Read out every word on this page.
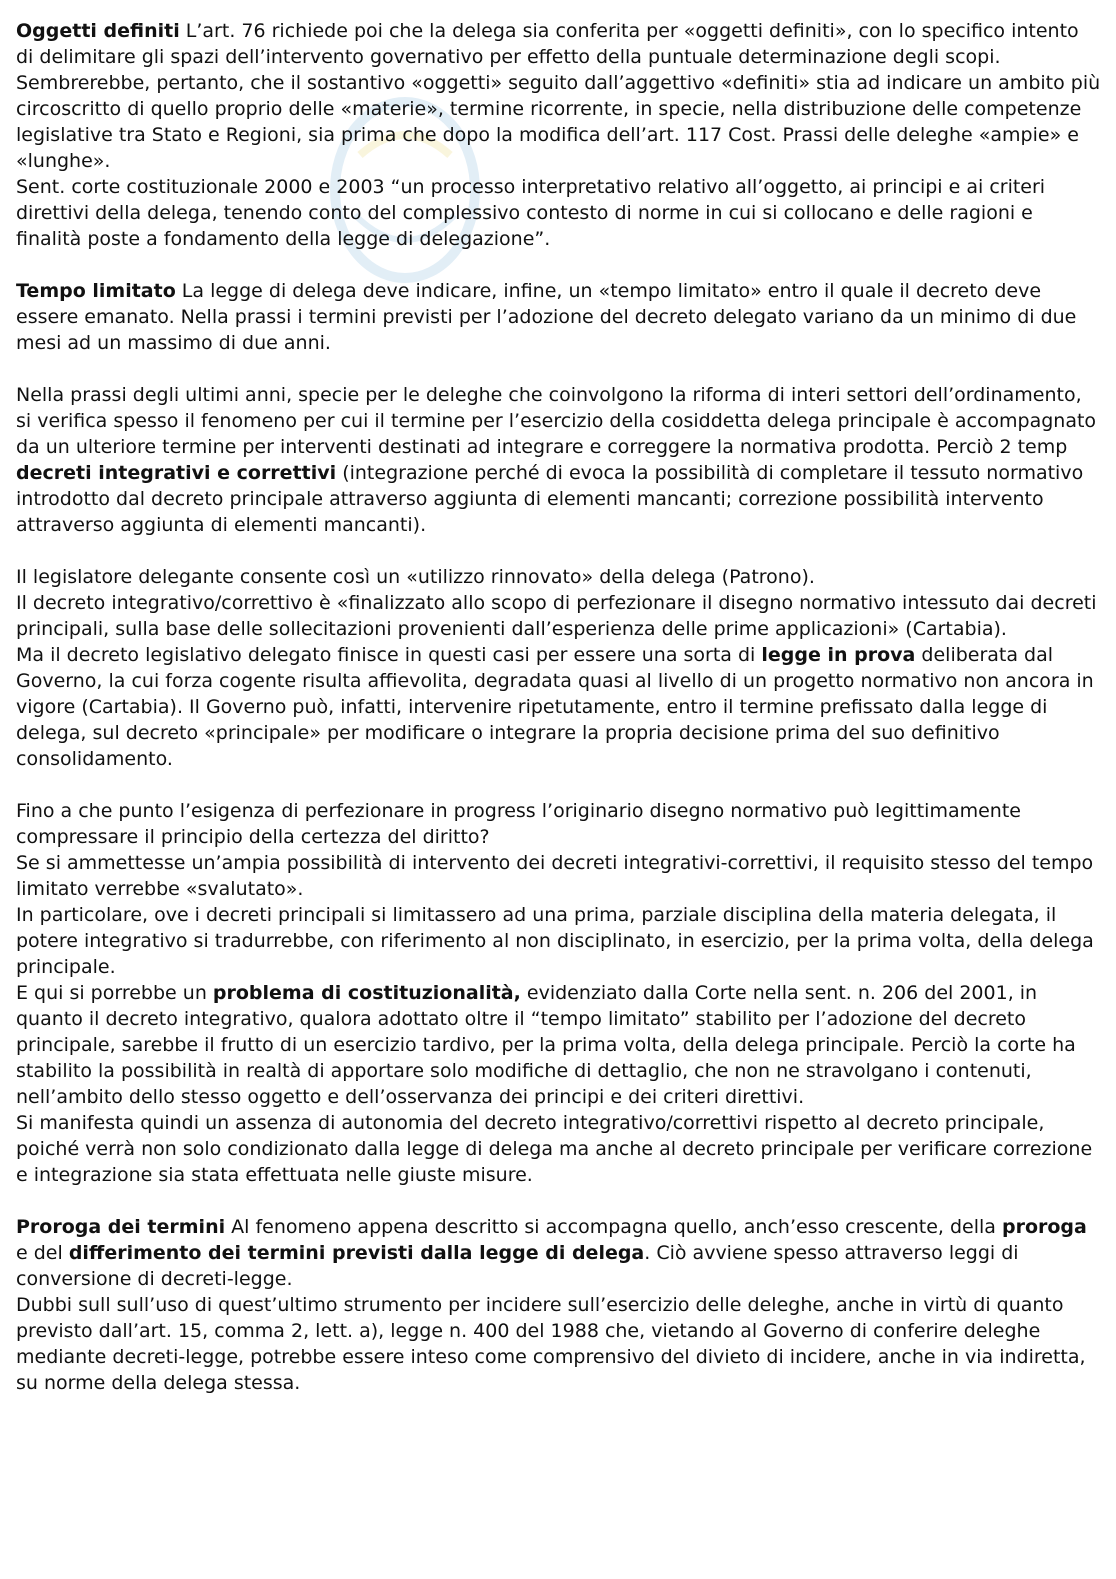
Oggetti definiti L’art. 76 richiede poi che la delega sia conferita per «oggetti definiti», con lo specifico intento di delimitare gli spazi dell’intervento governativo per effetto della puntuale determinazione degli scopi. Sembrerebbe, pertanto, che il sostantivo «oggetti» seguito dall’aggettivo «definiti» stia ad indicare un ambito più circoscritto di quello proprio delle «materie», termine ricorrente, in specie, nella distribuzione delle competenze legislative tra Stato e Regioni, sia prima che dopo la modifica dell’art. 117 Cost. Prassi delle deleghe «ampie» e «lunghe».

Sent. corte costituzionale 2000 e 2003 “un processo interpretativo relativo all’oggetto, ai principi e ai criteri direttivi della delega, tenendo conto del complessivo contesto di norme in cui si collocano e delle ragioni e finalità poste a fondamento della legge di delegazione”.

Tempo limitato La legge di delega deve indicare, infine, un «tempo limitato» entro il quale il decreto deve essere emanato. Nella prassi i termini previsti per l’adozione del decreto delegato variano da un minimo di due mesi ad un massimo di due anni.

Nella prassi degli ultimi anni, specie per le deleghe che coinvolgono la riforma di interi settori dell’ordinamento, si verifica spesso il fenomeno per cui il termine per l’esercizio della cosiddetta delega principale è accompagnato da un ulteriore termine per interventi destinati ad integrare e correggere la normativa prodotta. Perciò 2 temp decreti integrativi e correttivi (integrazione perché di evoca la possibilità di completare il tessuto normativo introdotto dal decreto principale attraverso aggiunta di elementi mancanti; correzione possibilità intervento attraverso aggiunta di elementi mancanti).

Il legislatore delegante consente così un «utilizzo rinnovato» della delega (Patrono).

Il decreto integrativo/correttivo è «finalizzato allo scopo di perfezionare il disegno normativo intessuto dai decreti principali, sulla base delle sollecitazioni provenienti dall’esperienza delle prime applicazioni» (Cartabia).

Ma il decreto legislativo delegato finisce in questi casi per essere una sorta di legge in prova deliberata dal Governo, la cui forza cogente risulta affievolita, degradata quasi al livello di un progetto normativo non ancora in vigore (Cartabia). Il Governo può, infatti, intervenire ripetutamente, entro il termine prefissato dalla legge di delega, sul decreto «principale» per modificare o integrare la propria decisione prima del suo definitivo consolidamento.

Fino a che punto l’esigenza di perfezionare in progress l’originario disegno normativo può legittimamente compressare il principio della certezza del diritto?

Se si ammettesse un’ampia possibilità di intervento dei decreti integrativi-correttivi, il requisito stesso del tempo limitato verrebbe «svalutato».

In particolare, ove i decreti principali si limitassero ad una prima, parziale disciplina della materia delegata, il potere integrativo si tradurrebbe, con riferimento al non disciplinato, in esercizio, per la prima volta, della delega principale.

E qui si porrebbe un problema di costituzionalità, evidenziato dalla Corte nella sent. n. 206 del 2001, in quanto il decreto integrativo, qualora adottato oltre il “tempo limitato” stabilito per l’adozione del decreto principale, sarebbe il frutto di un esercizio tardivo, per la prima volta, della delega principale. Perciò la corte ha stabilito la possibilità in realtà di apportare solo modifiche di dettaglio, che non ne stravolgano i contenuti, nell’ambito dello stesso oggetto e dell’osservanza dei principi e dei criteri direttivi.

Si manifesta quindi un assenza di autonomia del decreto integrativo/correttivi rispetto al decreto principale, poiché verrà non solo condizionato dalla legge di delega ma anche al decreto principale per verificare correzione e integrazione sia stata effettuata nelle giuste misure.

Proroga dei termini Al fenomeno appena descritto si accompagna quello, anch’esso crescente, della proroga e del differimento dei termini previsti dalla legge di delega. Ciò avviene spesso attraverso leggi di conversione di decreti-legge.

Dubbi sull sull’uso di quest’ultimo strumento per incidere sull’esercizio delle deleghe, anche in virtù di quanto previsto dall’art. 15, comma 2, lett. a), legge n. 400 del 1988 che, vietando al Governo di conferire deleghe mediante decreti-legge, potrebbe essere inteso come comprensivo del divieto di incidere, anche in via indiretta, su norme della delega stessa.
